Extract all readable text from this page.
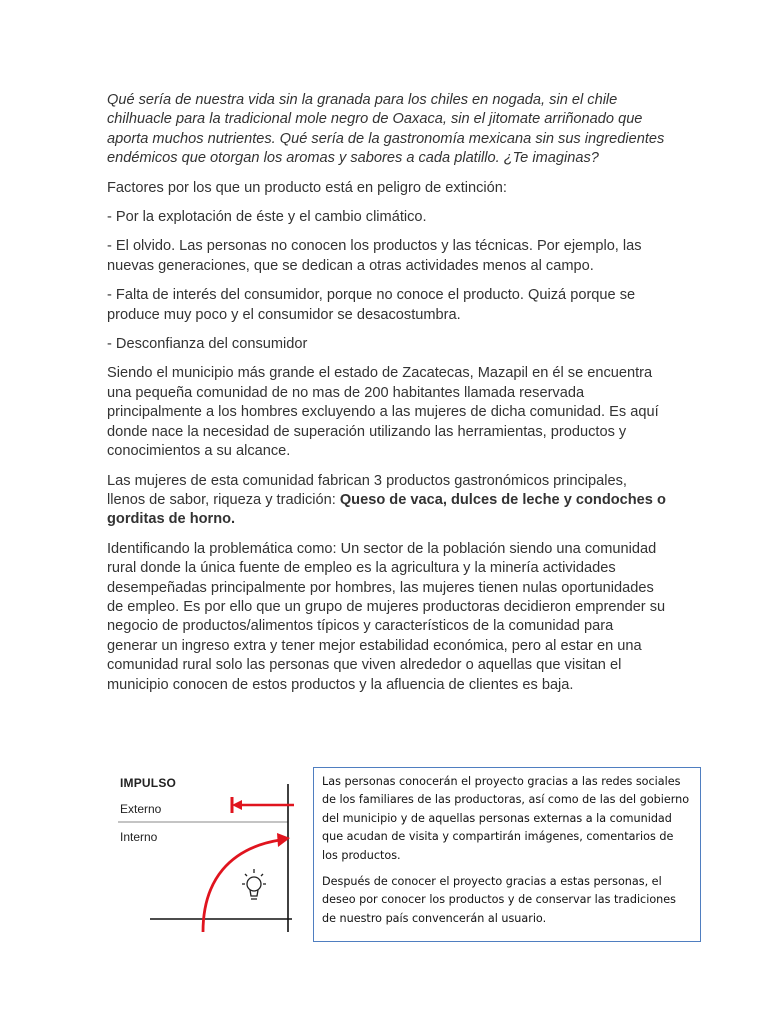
Qué sería de nuestra vida sin la granada para los chiles en nogada, sin el chile chilhuacle para la tradicional mole negro de Oaxaca, sin el jitomate arriñonado que aporta muchos nutrientes. Qué sería de la gastronomía mexicana sin sus ingredientes endémicos que otorgan los aromas y sabores a cada platillo. ¿Te imaginas?

Factores por los que un producto está en peligro de extinción:

- Por la explotación de éste y el cambio climático.

- El olvido. Las personas no conocen los productos y las técnicas. Por ejemplo, las nuevas generaciones, que se dedican a otras actividades menos al campo.

- Falta de interés del consumidor, porque no conoce el producto. Quizá porque se produce muy poco y el consumidor se desacostumbra.

- Desconfianza del consumidor

Siendo el municipio más grande el estado de Zacatecas, Mazapil en él se encuentra una pequeña comunidad de no mas de 200 habitantes llamada reservada principalmente a los hombres excluyendo a las mujeres de dicha comunidad. Es aquí donde nace la necesidad de superación utilizando las herramientas, productos y conocimientos a su alcance.

Las mujeres de esta comunidad fabrican 3 productos gastronómicos principales, llenos de sabor, riqueza y tradición: Queso de vaca, dulces de leche y condoches o gorditas de horno.

Identificando la problemática como: Un sector de la población siendo una comunidad rural donde la única fuente de empleo es la agricultura y la minería actividades desempeñadas principalmente por hombres, las mujeres tienen nulas oportunidades de empleo. Es por ello que un grupo de mujeres productoras decidieron emprender su negocio de productos/alimentos típicos y característicos de la comunidad para generar un ingreso extra y tener mejor estabilidad económica, pero al estar en una comunidad rural solo las personas que viven alrededor o aquellas que visitan el municipio conocen de estos productos y la afluencia de clientes es baja.

IMPULSO
Externo
Interno

Las personas conocerán el proyecto gracias a las redes sociales de los familiares de las productoras, así como de las del gobierno del municipio y de aquellas personas externas a la comunidad que acudan de visita y compartirán imágenes, comentarios de los productos.

Después de conocer el proyecto gracias a estas personas, el deseo por conocer los productos y de conservar las tradiciones de nuestro país convencerán al usuario.
